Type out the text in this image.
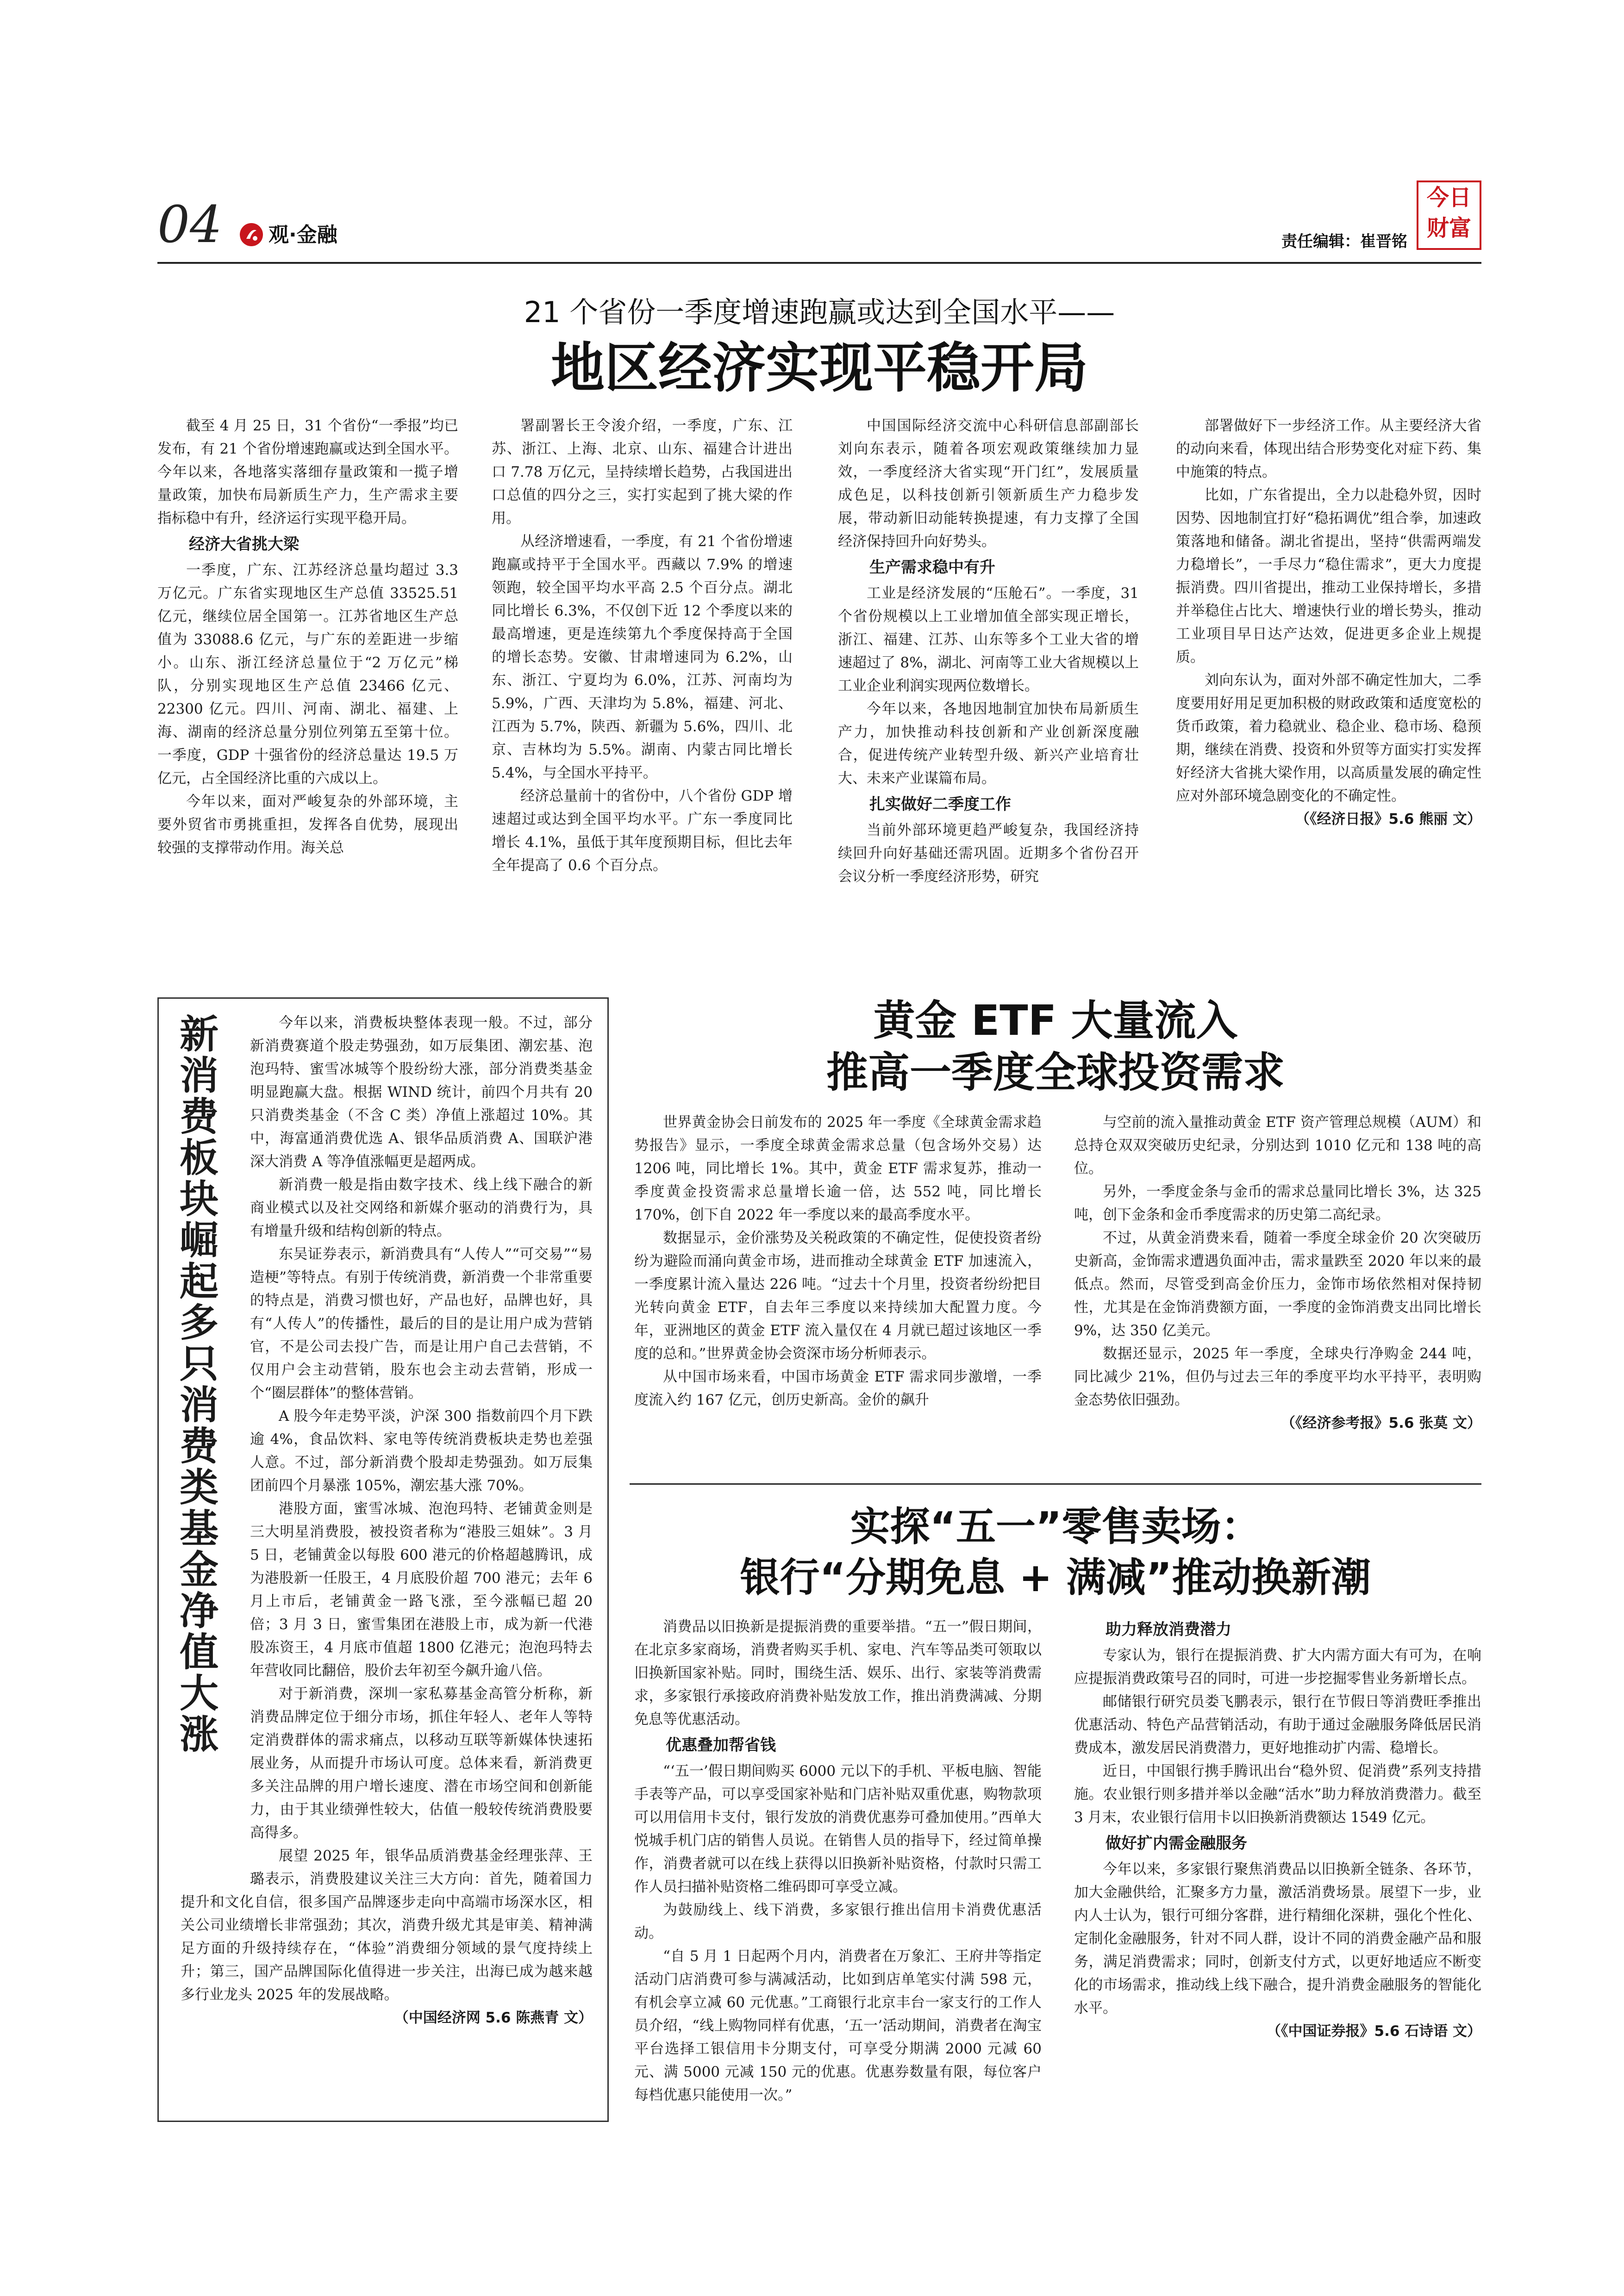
04 观·金融	责任编辑：崔晋铭
今日
财富
21 个省份一季度增速跑赢或达到全国水平——
地区经济实现平稳开局

截至 4 月 25 日，31 个省份“一季报”均已发布，有 21 个省份增速跑赢或达到全国水平。今年以来，各地落实落细存量政策和一揽子增量政策，加快布局新质生产力，生产需求主要指标稳中有升，经济运行实现平稳开局。

经济大省挑大梁

一季度，广东、江苏经济总量均超过 3.3 万亿元。广东省实现地区生产总值 33525.51 亿元，继续位居全国第一。江苏省地区生产总值为 33088.6 亿元，与广东的差距进一步缩小。山东、浙江经济总量位于“2 万亿元”梯队，分别实现地区生产总值 23466 亿元、22300 亿元。四川、河南、湖北、福建、上海、湖南的经济总量分别位列第五至第十位。一季度，GDP 十强省份的经济总量达 19.5 万亿元，占全国经济比重的六成以上。

今年以来，面对严峻复杂的外部环境，主要外贸省市勇挑重担，发挥各自优势，展现出较强的支撑带动作用。海关总

署副署长王令浚介绍，一季度，广东、江苏、浙江、上海、北京、山东、福建合计进出口 7.78 万亿元，呈持续增长趋势，占我国进出口总值的四分之三，实打实起到了挑大梁的作用。

从经济增速看，一季度，有 21 个省份增速跑赢或持平于全国水平。西藏以 7.9% 的增速领跑，较全国平均水平高 2.5 个百分点。湖北同比增长 6.3%，不仅创下近 12 个季度以来的最高增速，更是连续第九个季度保持高于全国的增长态势。安徽、甘肃增速同为 6.2%，山东、浙江、宁夏均为 6.0%，江苏、河南均为 5.9%，广西、天津均为 5.8%，福建、河北、江西为 5.7%，陕西、新疆为 5.6%，四川、北京、吉林均为 5.5%。湖南、内蒙古同比增长 5.4%，与全国水平持平。

经济总量前十的省份中，八个省份 GDP 增速超过或达到全国平均水平。广东一季度同比增长 4.1%，虽低于其年度预期目标，但比去年全年提高了 0.6 个百分点。

中国国际经济交流中心科研信息部副部长刘向东表示，随着各项宏观政策继续加力显效，一季度经济大省实现“开门红”，发展质量成色足，以科技创新引领新质生产力稳步发展，带动新旧动能转换提速，有力支撑了全国经济保持回升向好势头。

生产需求稳中有升

工业是经济发展的“压舱石”。一季度，31 个省份规模以上工业增加值全部实现正增长，浙江、福建、江苏、山东等多个工业大省的增速超过了 8%，湖北、河南等工业大省规模以上工业企业利润实现两位数增长。

今年以来，各地因地制宜加快布局新质生产力，加快推动科技创新和产业创新深度融合，促进传统产业转型升级、新兴产业培育壮大、未来产业谋篇布局。

扎实做好二季度工作

当前外部环境更趋严峻复杂，我国经济持续回升向好基础还需巩固。近期多个省份召开会议分析一季度经济形势，研究

部署做好下一步经济工作。从主要经济大省的动向来看，体现出结合形势变化对症下药、集中施策的特点。

比如，广东省提出，全力以赴稳外贸，因时因势、因地制宜打好“稳拓调优”组合拳，加速政策落地和储备。湖北省提出，坚持“供需两端发力稳增长”，一手尽力“稳住需求”，更大力度提振消费。四川省提出，推动工业保持增长，多措并举稳住占比大、增速快行业的增长势头，推动工业项目早日达产达效，促进更多企业上规提质。

刘向东认为，面对外部不确定性加大，二季度要用好用足更加积极的财政政策和适度宽松的货币政策，着力稳就业、稳企业、稳市场、稳预期，继续在消费、投资和外贸等方面实打实发挥好经济大省挑大梁作用，以高质量发展的确定性应对外部环境急剧变化的不确定性。

（《经济日报》5.6 熊丽 文）
新消费板块崛起 多只消费类基金净值大涨

今年以来，消费板块整体表现一般。不过，部分新消费赛道个股走势强劲，如万辰集团、潮宏基、泡泡玛特、蜜雪冰城等个股纷纷大涨，部分消费类基金明显跑赢大盘。根据 WIND 统计，前四个月共有 20 只消费类基金（不含 C 类）净值上涨超过 10%。其中，海富通消费优选 A、银华品质消费 A、国联沪港深大消费 A 等净值涨幅更是超两成。

新消费一般是指由数字技术、线上线下融合的新商业模式以及社交网络和新媒介驱动的消费行为，具有增量升级和结构创新的特点。

东吴证券表示，新消费具有“人传人”“可交易”“易造梗”等特点。有别于传统消费，新消费一个非常重要的特点是，消费习惯也好，产品也好，品牌也好，具有“人传人”的传播性，最后的目的是让用户成为营销官，不是公司去投广告，而是让用户自己去营销，不仅用户会主动营销，股东也会主动去营销，形成一个“圈层群体”的整体营销。

A 股今年走势平淡，沪深 300 指数前四个月下跌逾 4%，食品饮料、家电等传统消费板块走势也差强人意。不过，部分新消费个股却走势强劲。如万辰集团前四个月暴涨 105%，潮宏基大涨 70%。

港股方面，蜜雪冰城、泡泡玛特、老铺黄金则是三大明星消费股，被投资者称为“港股三姐妹”。3 月 5 日，老铺黄金以每股 600 港元的价格超越腾讯，成为港股新一任股王，4 月底股价超 700 港元；去年 6 月上市后，老铺黄金一路飞涨，至今涨幅已超 20 倍；3 月 3 日，蜜雪集团在港股上市，成为新一代港股冻资王，4 月底市值超 1800 亿港元；泡泡玛特去年营收同比翻倍，股价去年初至今飙升逾八倍。

对于新消费，深圳一家私募基金高管分析称，新消费品牌定位于细分市场，抓住年轻人、老年人等特定消费群体的需求痛点，以移动互联等新媒体快速拓展业务，从而提升市场认可度。总体来看，新消费更多关注品牌的用户增长速度、潜在市场空间和创新能力，由于其业绩弹性较大，估值一般较传统消费股要高得多。

展望 2025 年，银华品质消费基金经理张萍、王璐表示，消费股建议关注三大方向：首先，随着国力提升和文化自信，很多国产品牌逐步走向中高端市场深水区，相关公司业绩增长非常强劲；其次，消费升级尤其是审美、精神满足方面的升级持续存在，“体验”消费细分领域的景气度持续上升；第三，国产品牌国际化值得进一步关注，出海已成为越来越多行业龙头 2025 年的发展战略。

（中国经济网 5.6 陈燕青 文）
黄金 ETF 大量流入
推高一季度全球投资需求

世界黄金协会日前发布的 2025 年一季度《全球黄金需求趋势报告》显示，一季度全球黄金需求总量（包含场外交易）达 1206 吨，同比增长 1%。其中，黄金 ETF 需求复苏，推动一季度黄金投资需求总量增长逾一倍，达 552 吨，同比增长 170%，创下自 2022 年一季度以来的最高季度水平。

数据显示，金价涨势及关税政策的不确定性，促使投资者纷纷为避险而涌向黄金市场，进而推动全球黄金 ETF 加速流入，一季度累计流入量达 226 吨。“过去十个月里，投资者纷纷把目光转向黄金 ETF，自去年三季度以来持续加大配置力度。今年，亚洲地区的黄金 ETF 流入量仅在 4 月就已超过该地区一季度的总和。”世界黄金协会资深市场分析师表示。

从中国市场来看，中国市场黄金 ETF 需求同步激增，一季度流入约 167 亿元，创历史新高。金价的飙升

与空前的流入量推动黄金 ETF 资产管理总规模（AUM）和总持仓双双突破历史纪录，分别达到 1010 亿元和 138 吨的高位。

另外，一季度金条与金币的需求总量同比增长 3%，达 325 吨，创下金条和金币季度需求的历史第二高纪录。

不过，从黄金消费来看，随着一季度全球金价 20 次突破历史新高，金饰需求遭遇负面冲击，需求量跌至 2020 年以来的最低点。然而，尽管受到高金价压力，金饰市场依然相对保持韧性，尤其是在金饰消费额方面，一季度的金饰消费支出同比增长 9%，达 350 亿美元。

数据还显示，2025 年一季度，全球央行净购金 244 吨，同比减少 21%，但仍与过去三年的季度平均水平持平，表明购金态势依旧强劲。

（《经济参考报》5.6 张莫 文）
实探“五一”零售卖场：
银行“分期免息 + 满减”推动换新潮

消费品以旧换新是提振消费的重要举措。“五一”假日期间，在北京多家商场，消费者购买手机、家电、汽车等品类可领取以旧换新国家补贴。同时，围绕生活、娱乐、出行、家装等消费需求，多家银行承接政府消费补贴发放工作，推出消费满减、分期免息等优惠活动。

优惠叠加帮省钱

“‘五一’假日期间购买 6000 元以下的手机、平板电脑、智能手表等产品，可以享受国家补贴和门店补贴双重优惠，购物款项可以用信用卡支付，银行发放的消费优惠券可叠加使用。”西单大悦城手机门店的销售人员说。在销售人员的指导下，经过简单操作，消费者就可以在线上获得以旧换新补贴资格，付款时只需工作人员扫描补贴资格二维码即可享受立减。

为鼓励线上、线下消费，多家银行推出信用卡消费优惠活动。

“自 5 月 1 日起两个月内，消费者在万象汇、王府井等指定活动门店消费可参与满减活动，比如到店单笔实付满 598 元，有机会享立减 60 元优惠。”工商银行北京丰台一家支行的工作人员介绍，“线上购物同样有优惠，‘五一’活动期间，消费者在淘宝平台选择工银信用卡分期支付，可享受分期满 2000 元减 60 元、满 5000 元减 150 元的优惠。优惠券数量有限，每位客户每档优惠只能使用一次。”

助力释放消费潜力

专家认为，银行在提振消费、扩大内需方面大有可为，在响应提振消费政策号召的同时，可进一步挖掘零售业务新增长点。

邮储银行研究员娄飞鹏表示，银行在节假日等消费旺季推出优惠活动、特色产品营销活动，有助于通过金融服务降低居民消费成本，激发居民消费潜力，更好地推动扩内需、稳增长。

近日，中国银行携手腾讯出台“稳外贸、促消费”系列支持措施。农业银行则多措并举以金融“活水”助力释放消费潜力。截至 3 月末，农业银行信用卡以旧换新消费额达 1549 亿元。

做好扩内需金融服务

今年以来，多家银行聚焦消费品以旧换新全链条、各环节，加大金融供给，汇聚多方力量，激活消费场景。展望下一步，业内人士认为，银行可细分客群，进行精细化深耕，强化个性化、定制化金融服务，针对不同人群，设计不同的消费金融产品和服务，满足消费需求；同时，创新支付方式，以更好地适应不断变化的市场需求，推动线上线下融合，提升消费金融服务的智能化水平。

（《中国证券报》5.6 石诗语 文）
